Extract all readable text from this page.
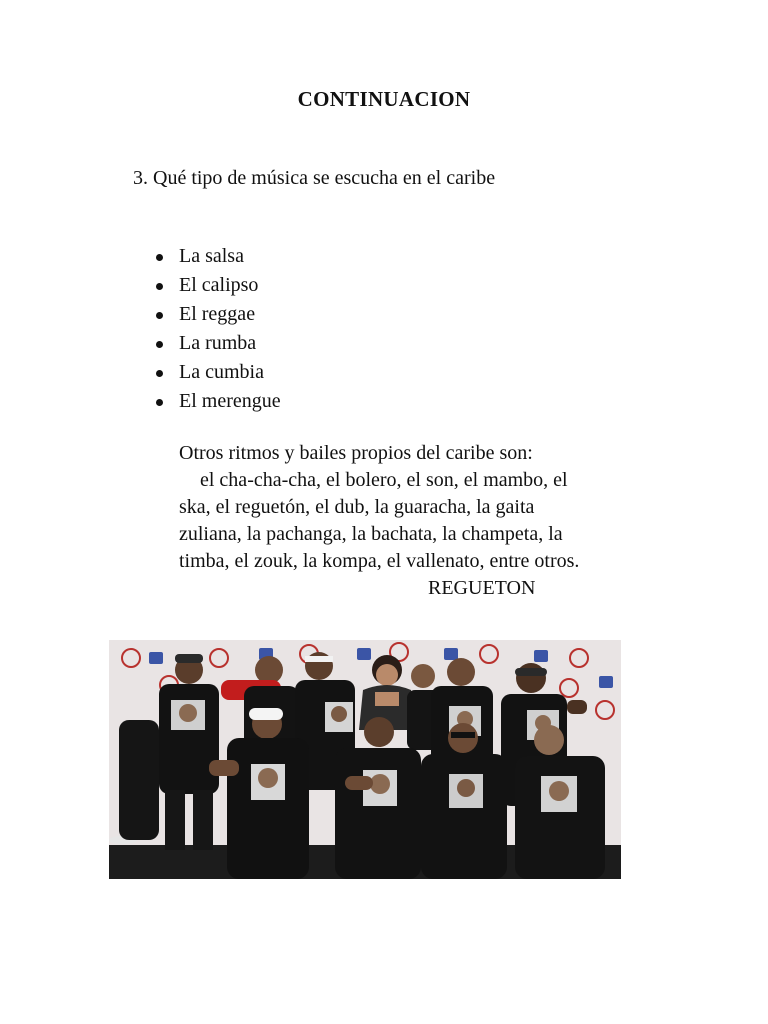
CONTINUACION
3. Qué tipo de música se escucha en el caribe
La salsa
El calipso
El reggae
La rumba
La cumbia
El merengue
Otros ritmos y bailes propios del caribe son:
el cha-cha-cha, el bolero, el son, el mambo, el
ska, el reguetón, el dub, la guaracha, la gaita
zuliana, la pachanga, la bachata, la champeta, la
timba, el zouk, la kompa, el vallenato, entre otros.
REGUETON
